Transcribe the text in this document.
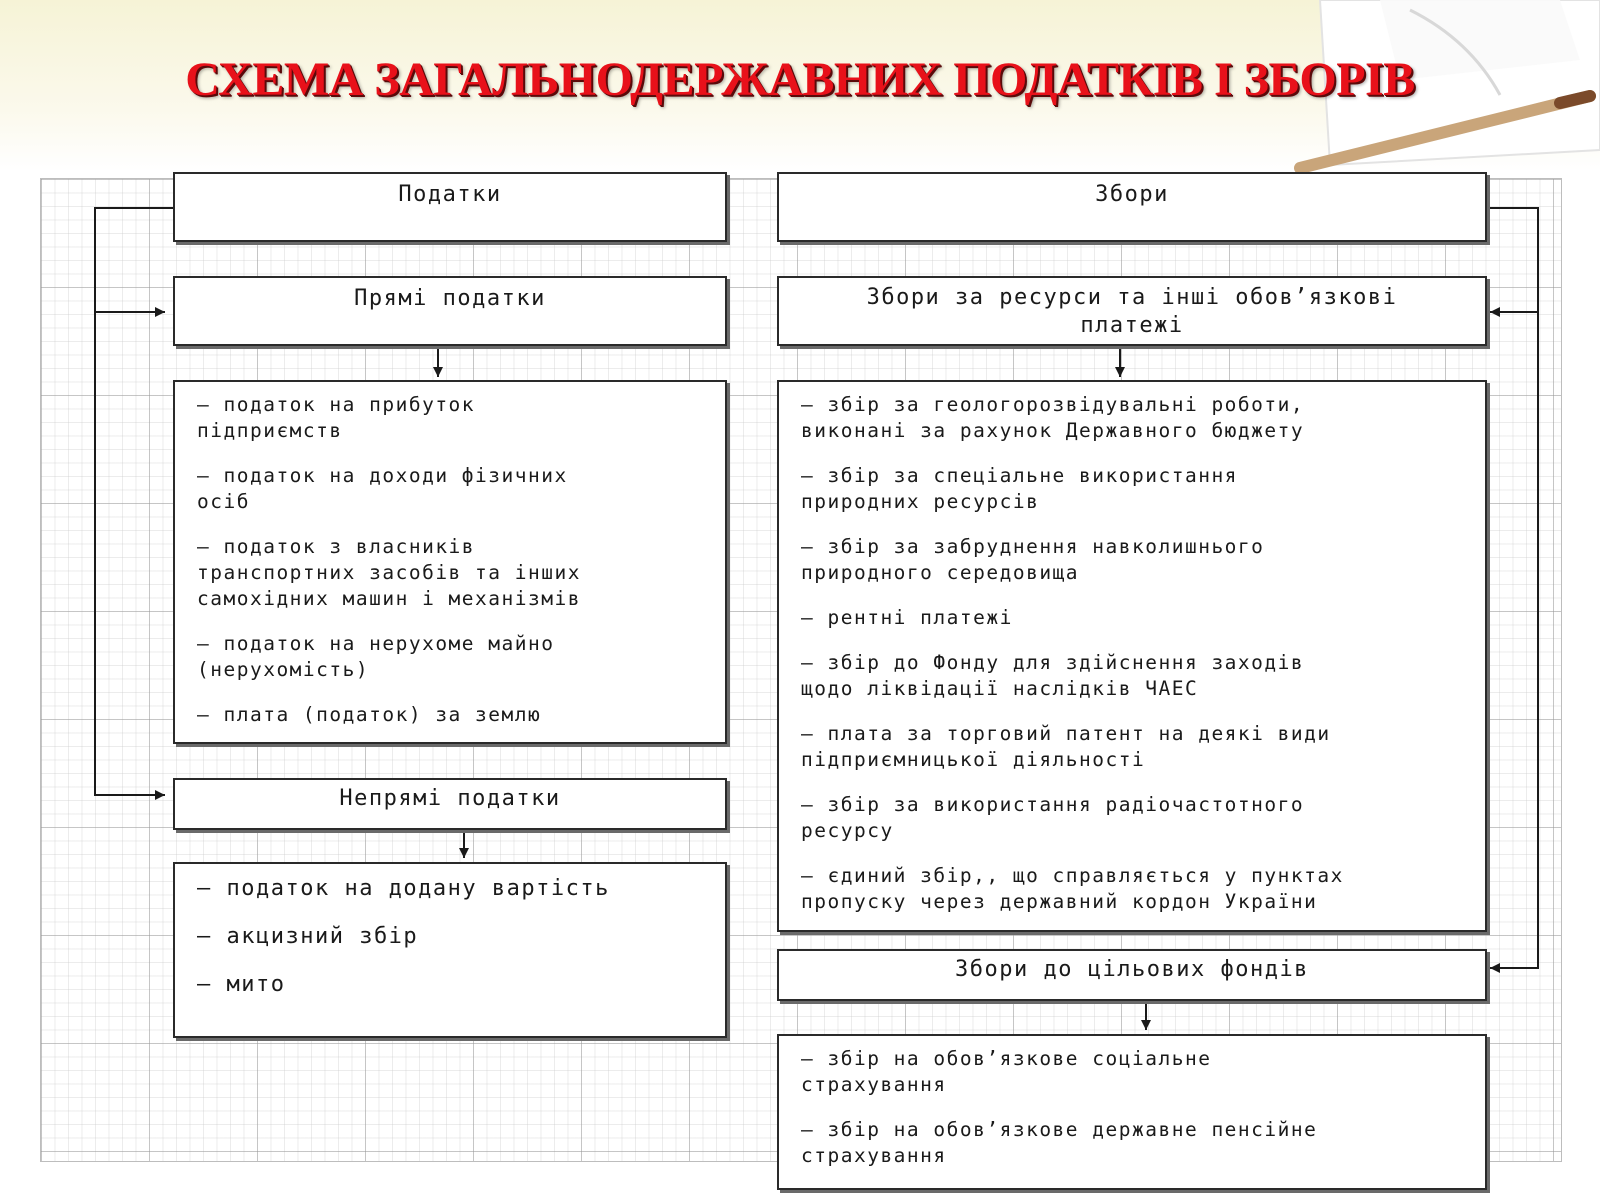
СХЕМА ЗАГАЛЬНОДЕРЖАВНИХ ПОДАТКІВ І ЗБОРІВ
Податки
Прямі податки
– податок на прибуток
підприємств
– податок на доходи фізичних
осіб
– податок з власників
транспортних засобів та інших
самохідних машин і механізмів
– податок на нерухоме майно
(нерухомість)
– плата (податок) за землю
Непрямі податки
– податок на додану вартість
– акцизний збір
– мито
Збори
Збори за ресурси та інші обов’язкові
платежі
– збір за геологорозвідувальні роботи,
виконані за рахунок Державного бюджету
– збір за спеціальне використання
природних ресурсів
– збір за забруднення навколишнього
природного середовища
– рентні платежі
– збір до Фонду для здійснення заходів
щодо ліквідації наслідків ЧАЕС
– плата за торговий патент на деякі види
підприємницької діяльності
– збір за використання радіочастотного
ресурсу
– єдиний збір,, що справляється у пунктах
пропуску через державний кордон України
Збори до цільових фондів
– збір на обов’язкове соціальне
страхування
– збір на обов’язкове державне пенсійне
страхування
